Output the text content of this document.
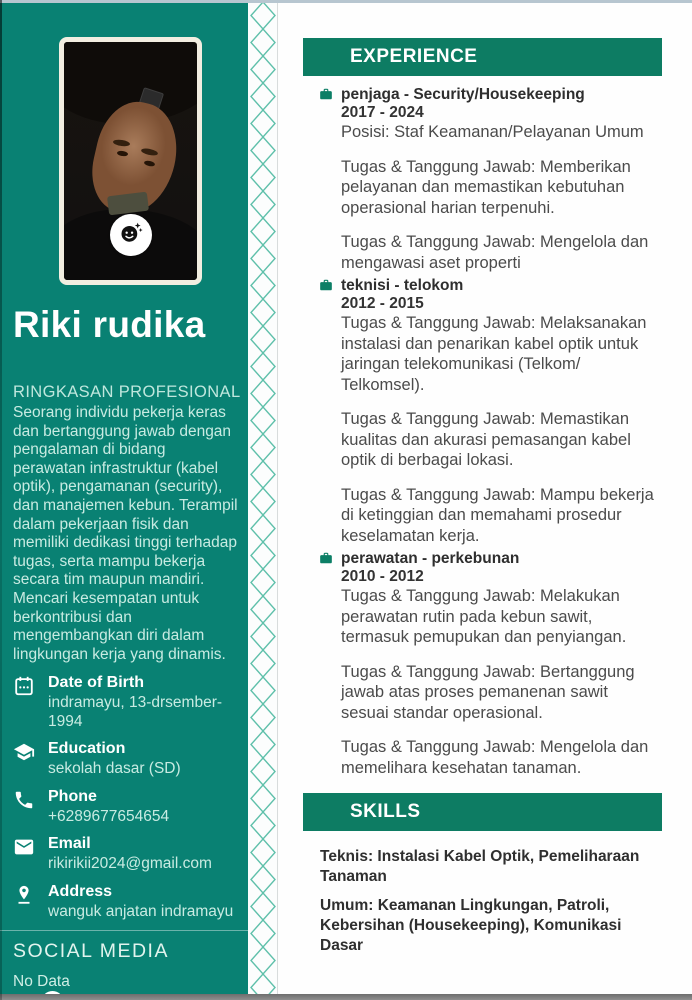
Riki rudika
RINGKASAN PROFESIONAL

Seorang individu pekerja keras dan bertanggung jawab dengan pengalaman di bidang perawatan infrastruktur (kabel optik), pengamanan (security), dan manajemen kebun. Terampil dalam pekerjaan fisik dan memiliki dedikasi tinggi terhadap tugas, serta mampu bekerja secara tim maupun mandiri. Mencari kesempatan untuk berkontribusi dan mengembangkan diri dalam lingkungan kerja yang dinamis.

Date of Birth
indramayu, 13-drsember-1994
Education
sekolah dasar (SD)
Phone
+6289677654654
Email
rikirikii2024@gmail.com
Address
wanguk anjatan indramayu
SOCIAL MEDIA
No Data
EXPERIENCE
penjaga - Security/Housekeeping
2017 - 2024

Posisi: Staf Keamanan/Pelayanan Umum

Tugas & Tanggung Jawab: Memberikan pelayanan dan memastikan kebutuhan operasional harian terpenuhi.

Tugas & Tanggung Jawab: Mengelola dan mengawasi aset properti

teknisi - telokom
2012 - 2015

Tugas & Tanggung Jawab: Melaksanakan instalasi dan penarikan kabel optik untuk jaringan telekomunikasi (Telkom/ Telkomsel).

Tugas & Tanggung Jawab: Memastikan kualitas dan akurasi pemasangan kabel optik di berbagai lokasi.

Tugas & Tanggung Jawab: Mampu bekerja di ketinggian dan memahami prosedur keselamatan kerja.

perawatan - perkebunan
2010 - 2012

Tugas & Tanggung Jawab: Melakukan perawatan rutin pada kebun sawit, termasuk pemupukan dan penyiangan.

Tugas & Tanggung Jawab: Bertanggung jawab atas proses pemanenan sawit sesuai standar operasional.

Tugas & Tanggung Jawab: Mengelola dan memelihara kesehatan tanaman.

SKILLS

Teknis: Instalasi Kabel Optik, Pemeliharaan Tanaman

Umum: Keamanan Lingkungan, Patroli, Kebersihan (Housekeeping), Komunikasi Dasar
